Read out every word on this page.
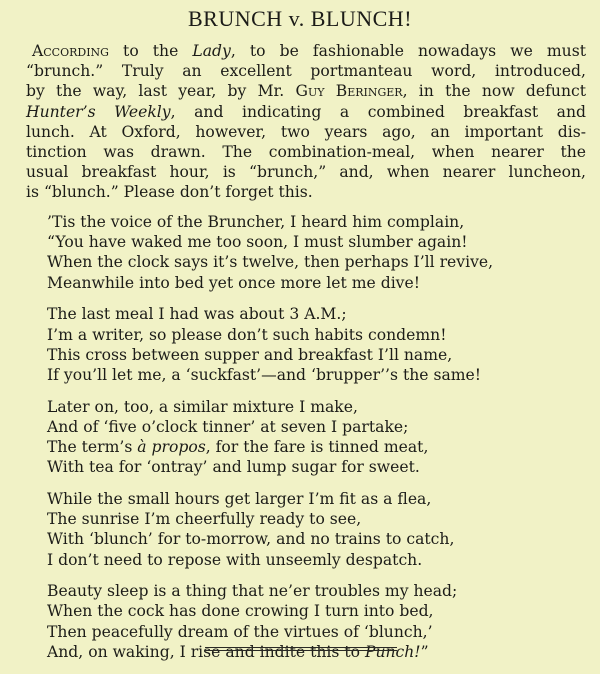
BRUNCH v. BLUNCH!
According to the Lady, to be fashionable nowadays we must
“brunch.” Truly an excellent portmanteau word, introduced,
by the way, last year, by Mr. Guy Beringer, in the now defunct
Hunter’s Weekly, and indicating a combined breakfast and
lunch. At Oxford, however, two years ago, an important dis-
tinction was drawn. The combination-meal, when nearer the
usual breakfast hour, is “brunch,” and, when nearer luncheon,
is “blunch.” Please don’t forget this.
’Tis the voice of the Bruncher, I heard him complain,
“You have waked me too soon, I must slumber again!
When the clock says it’s twelve, then perhaps I’ll revive,
Meanwhile into bed yet once more let me dive!
The last meal I had was about 3 A.M.;
I’m a writer, so please don’t such habits condemn!
This cross between supper and breakfast I’ll name,
If you’ll let me, a ‘suckfast’—and ‘brupper’’s the same!
Later on, too, a similar mixture I make,
And of ‘five o’clock tinner’ at seven I partake;
The term’s à propos, for the fare is tinned meat,
With tea for ‘ontray’ and lump sugar for sweet.
While the small hours get larger I’m fit as a flea,
The sunrise I’m cheerfully ready to see,
With ‘blunch’ for to-morrow, and no trains to catch,
I don’t need to repose with unseemly despatch.
Beauty sleep is a thing that ne’er troubles my head;
When the cock has done crowing I turn into bed,
Then peacefully dream of the virtues of ‘blunch,’
And, on waking, I rise and indite this to Punch!”
